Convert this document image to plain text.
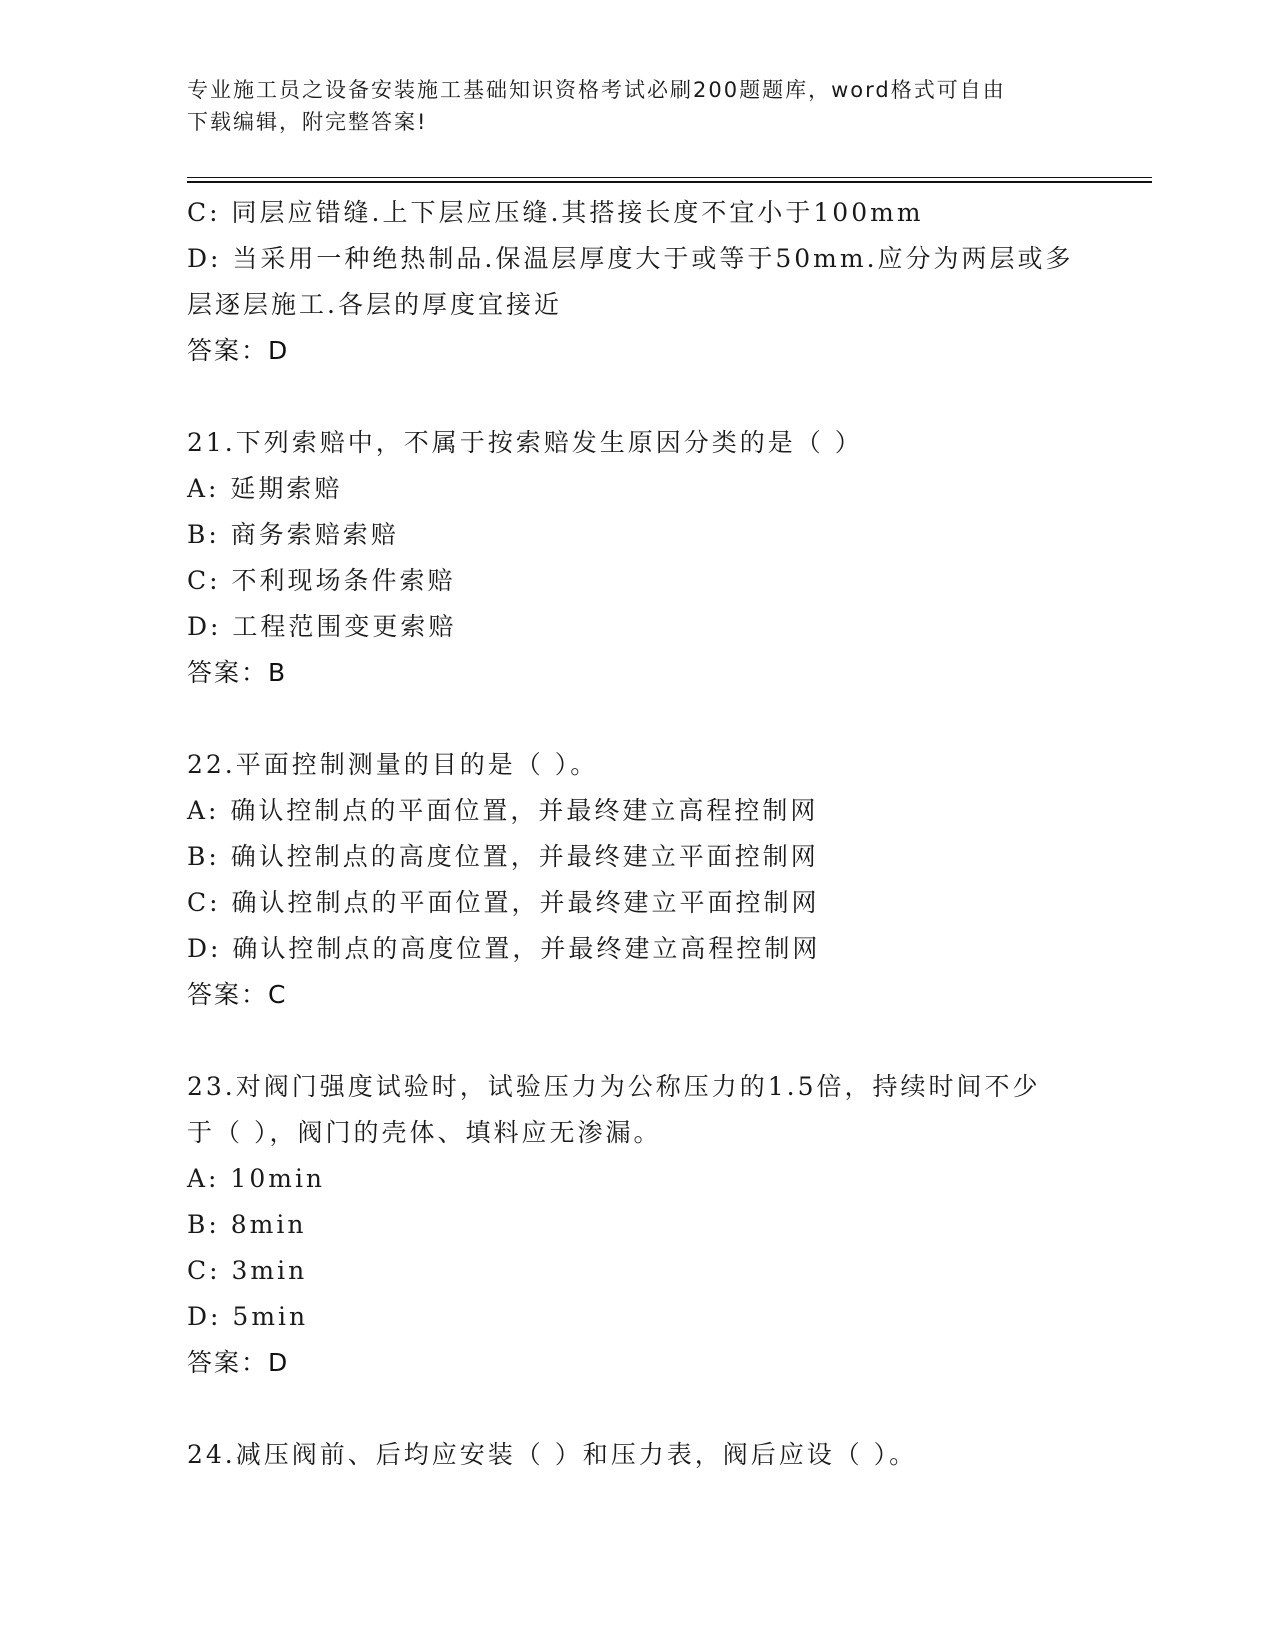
专业施工员之设备安装施工基础知识资格考试必刷200题题库，word格式可自由
下载编辑，附完整答案!
C: 同层应错缝.上下层应压缝.其搭接长度不宜小于100mm
D: 当采用一种绝热制品.保温层厚度大于或等于50mm.应分为两层或多
层逐层施工.各层的厚度宜接近
答案：D
21.下列索赔中，不属于按索赔发生原因分类的是（ ）
A: 延期索赔
B: 商务索赔索赔
C: 不利现场条件索赔
D: 工程范围变更索赔
答案：B
22.平面控制测量的目的是（ ）。
A: 确认控制点的平面位置，并最终建立高程控制网
B: 确认控制点的高度位置，并最终建立平面控制网
C: 确认控制点的平面位置，并最终建立平面控制网
D: 确认控制点的高度位置，并最终建立高程控制网
答案：C
23.对阀门强度试验时，试验压力为公称压力的1.5倍，持续时间不少
于（ ），阀门的壳体、填料应无渗漏。
A: 10min
B: 8min
C: 3min
D: 5min
答案：D
24.减压阀前、后均应安装（ ）和压力表，阀后应设（ ）。
